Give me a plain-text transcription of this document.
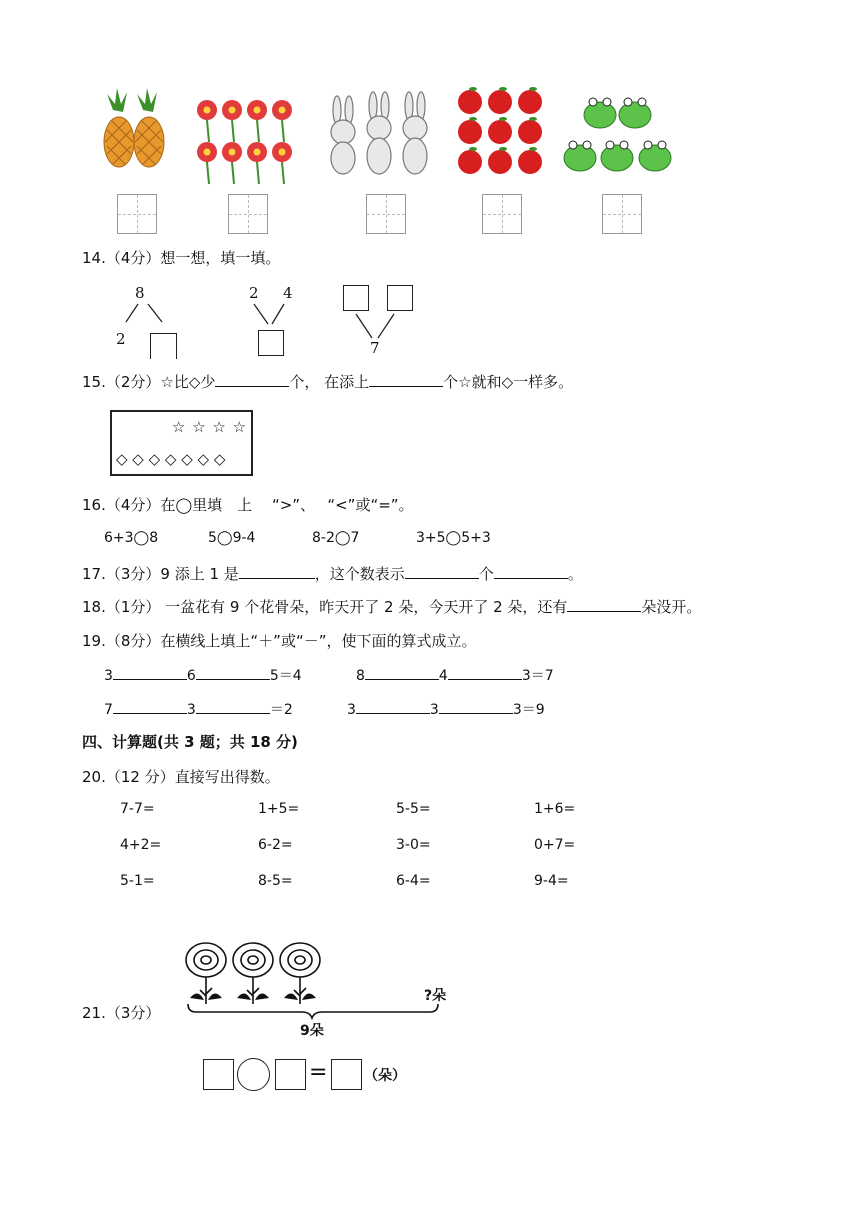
14.（4分）想一想，填一填。
8
2
2 4
7
15.（2分）☆比◇少	个， 在添上	个☆就和◇一样多。
☆ ☆ ☆ ☆
◇ ◇ ◇ ◇ ◇ ◇ ◇
16.（4分）在◯里填　上　 “>”、　 “<”或“=”。
6+3◯8	5◯9-4	8-2◯7	3+5◯5+3
17.（3分）9 添上 1 是	，这个数表示	个	。
18.（1分） 一盆花有 9 个花骨朵，昨天开了 2 朵，今天开了 2 朵，还有	朵没开。
19.（8分）在横线上填上“＋”或“－”，使下面的算式成立。
3	6	5＝4	8	4	3＝7
7	3	＝2	3	3	3＝9
四、计算题(共 3 题；共 18 分)
20.（12 分）直接写出得数。
7-7=	1+5=	5-5=	1+6=
4+2=	6-2=	3-0=	0+7=
5-1=	8-5=	6-4=	9-4=
21.（3分）
?朵
9朵
=	（朵）
